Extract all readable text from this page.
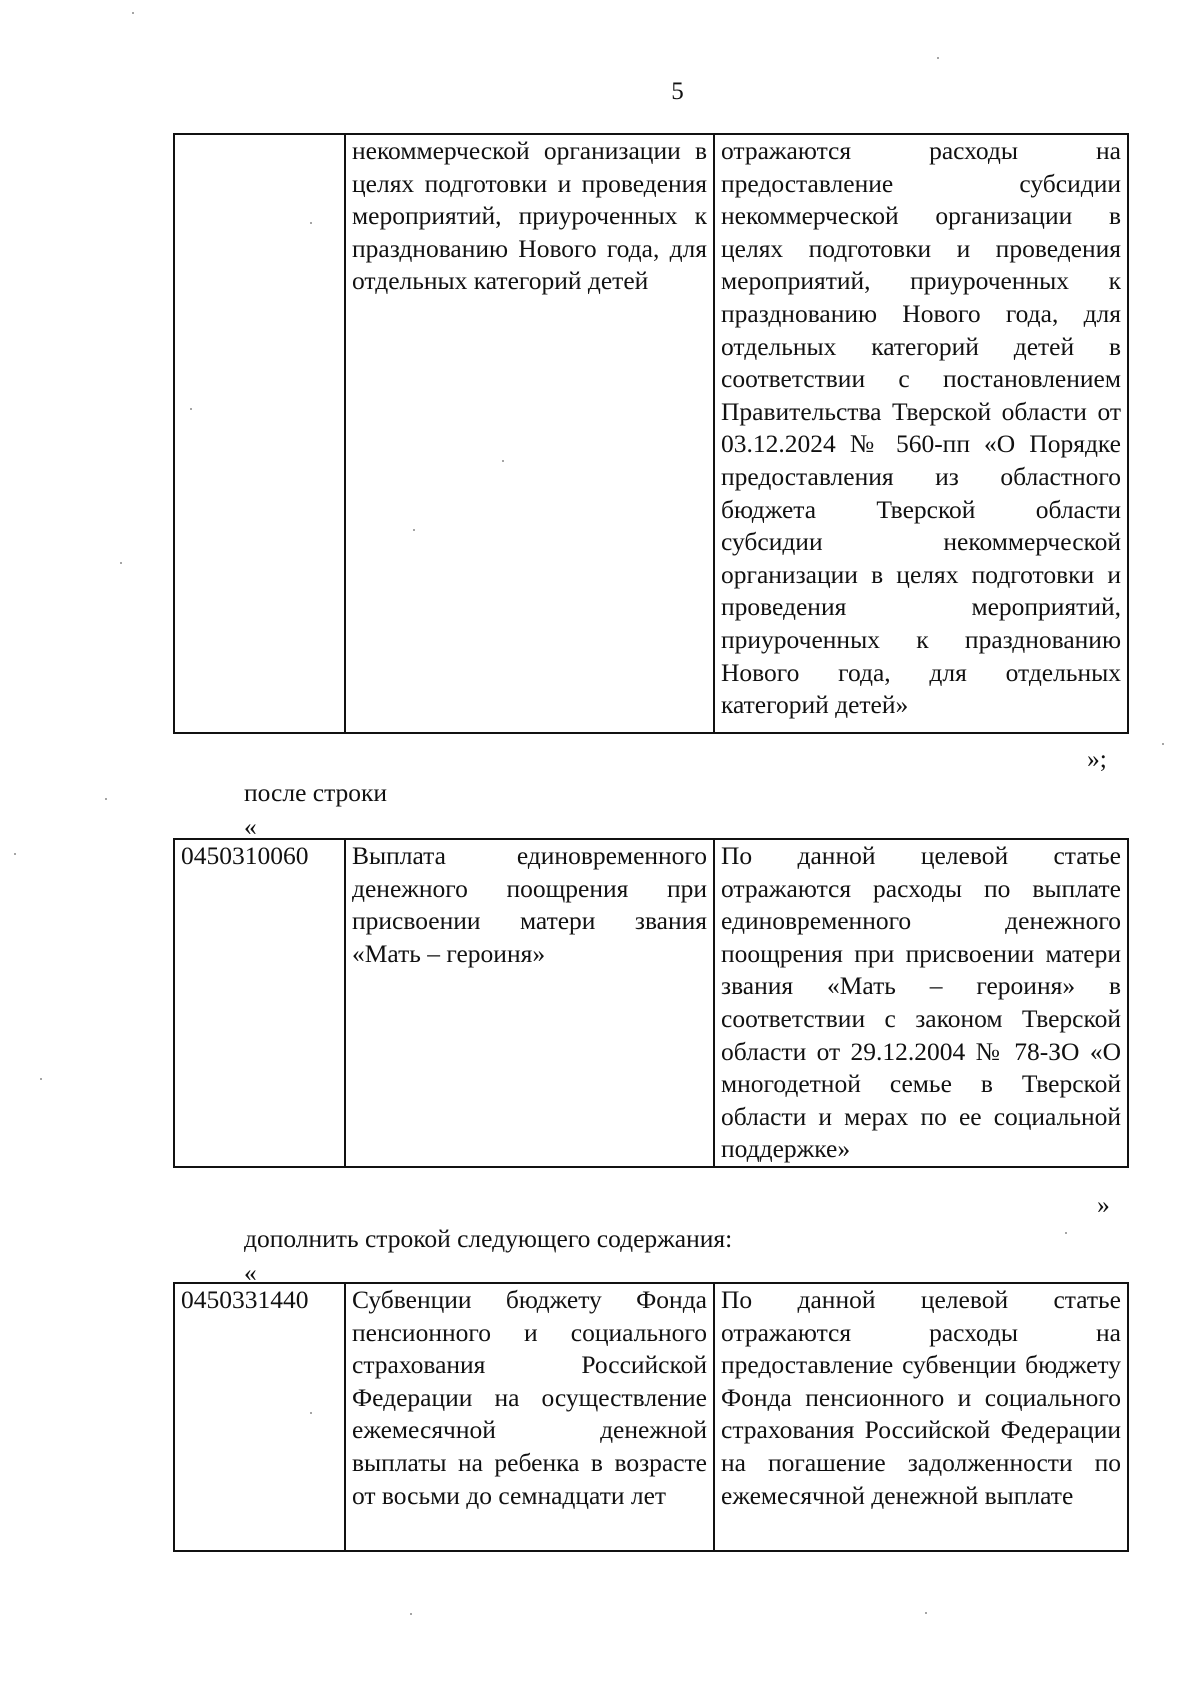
5
	некоммерческой организации в целях подготовки и проведения мероприятий, приуроченных к празднованию Нового года, для отдельных категорий детей	отражаются расходы на предоставление субсидии некоммерческой организации в целях подготовки и проведения мероприятий, приуроченных к празднованию Нового года, для отдельных категорий детей в соответствии с постановлением Правительства Тверской области от 03.12.2024 № 560-пп «О Порядке предоставления из областного бюджета Тверской области субсидии некоммерческой организации в целях подготовки и проведения мероприятий, приуроченных к празднованию Нового года, для отдельных категорий детей»
»;
после строки
«
0450310060	Выплата единовременного денежного поощрения при присвоении матери звания «Мать – героиня»	По данной целевой статье отражаются расходы по выплате единовременного денежного поощрения при присвоении матери звания «Мать – героиня» в соответствии с законом Тверской области от 29.12.2004 № 78-ЗО «О многодетной семье в Тверской области и мерах по ее социальной поддержке»
»
дополнить строкой следующего содержания:
«
0450331440	Субвенции бюджету Фонда пенсионного и социального страхования Российской Федерации на осуществление ежемесячной денежной выплаты на ребенка в возрасте от восьми до семнадцати лет	По данной целевой статье отражаются расходы на предоставление субвенции бюджету Фонда пенсионного и социального страхования Российской Федерации на погашение задолженности по ежемесячной денежной выплате
